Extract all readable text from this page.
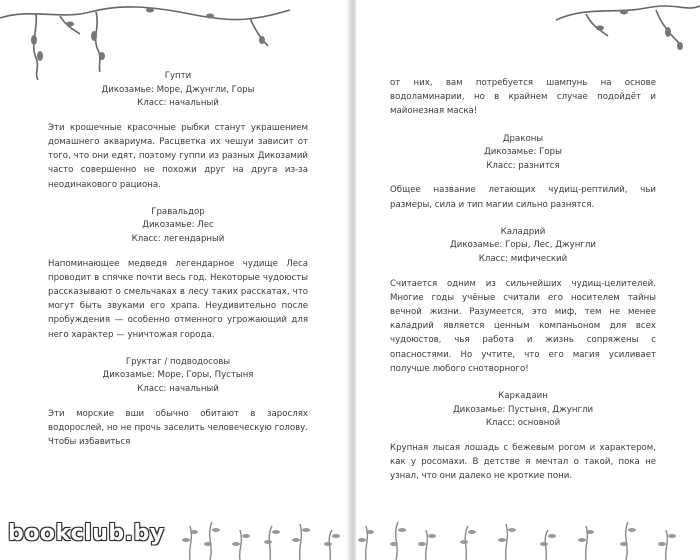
Гупти
Дикозамье: Море, Джунгли, Горы
Класс: начальный
Эти крошечные красочные рыбки станут украшением домашнего аквариума. Расцветка их чешуи зависит от того, что они едят, поэтому гуппи из разных Дикозамий часто совершенно не похожи друг на друга из-за неодинакового рациона.
Гравальдор
Дикозамье: Лес
Класс: легендарный
Напоминающее медведя легендарное чудище Леса проводит в спячке почти весь год. Некоторые чудоюсты рассказывают о смельчаках в лесу таких расскатах, что могут быть звуками его храпа. Неудивительно после пробуждения — особенно отменного угрожающий для него характер — уничтожая города.
Груктаг / подводосовы
Дикозамье: Море, Горы, Пустыня
Класс: начальный
Эти морские вши обычно обитают в зарослях водорослей, но не прочь заселить человеческую голову. Чтобы избавиться
bookclub.by
от них, вам потребуется шампунь на основе водоламинарии, но в крайнем случае подойдёт и майонезная маска!
Драконы
Дикозамье: Горы
Класс: разнится
Общее название летающих чудищ-рептилий, чьи размеры, сила и тип магии сильно разнятся.
Каладрий
Дикозамье: Горы, Лес, Джунгли
Класс: мифический
Считается одним из сильнейших чудищ-целителей. Многие годы учёные считали его носителем тайны вечной жизни. Разумеется, это миф, тем не менее каладрий является ценным компаньоном для всех чудоюстов, чья работа и жизнь сопряжены с опасностями. Но учтите, что его магия усиливает получше любого снотворного!
Каркадаин
Дикозамье: Пустыня, Джунгли
Класс: основной
Крупная лысая лошадь с бежевым рогом и характером, как у росомахи. В детстве я мечтал о такой, пока не узнал, что они далеко не кроткие пони.
